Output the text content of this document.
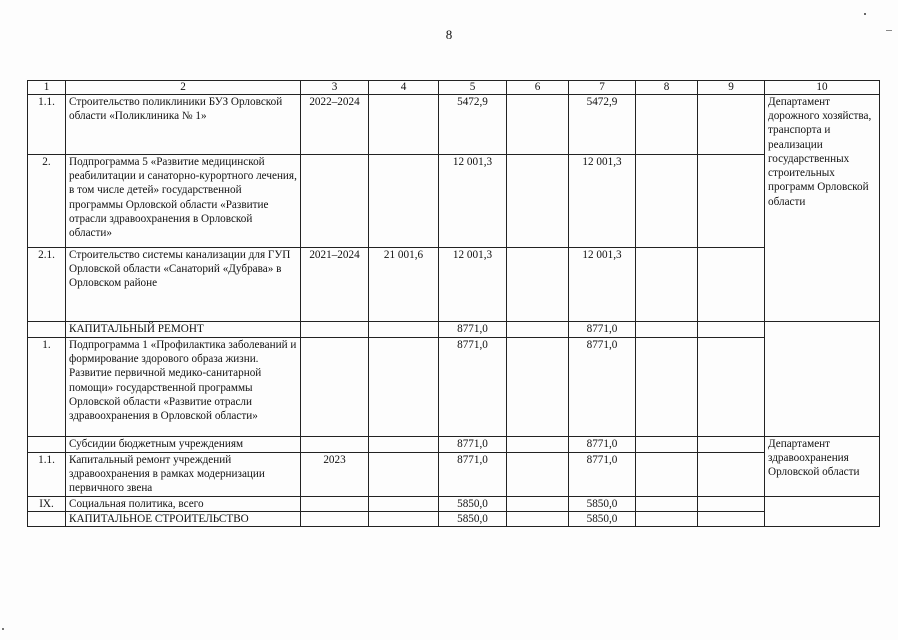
8
1	2	3	4	5	6	7	8	9	10
1.1.	Строительство поликлиники БУЗ Орловской области «Поликлиника № 1»	2022–2024		5472,9		5472,9			Департамент дорожного хозяйства, транспорта и реализации государственных строительных программ Орловской области
2.	Подпрограмма 5 «Развитие медицинской реабилитации и санаторно-курортного лечения, в том числе детей» государственной программы Орловской области «Развитие отрасли здравоохранения в Орловской области»			12 001,3		12 001,3			
2.1.	Строительство системы канализации для ГУП Орловской области «Санаторий «Дубрава» в Орловском районе	2021–2024	21 001,6	12 001,3		12 001,3			
	КАПИТАЛЬНЫЙ РЕМОНТ			8771,0		8771,0			
1.	Подпрограмма 1 «Профилактика заболеваний и формирование здорового образа жизни. Развитие первичной медико-санитарной помощи» государственной программы Орловской области «Развитие отрасли здравоохранения в Орловской области»			8771,0		8771,0			
	Субсидии бюджетным учреждениям			8771,0		8771,0			Департамент здравоохранения Орловской области
1.1.	Капитальный ремонт учреждений здравоохранения в рамках модернизации первичного звена	2023		8771,0		8771,0			
IX.	Социальная политика, всего			5850,0		5850,0			
	КАПИТАЛЬНОЕ СТРОИТЕЛЬСТВО			5850,0		5850,0			
